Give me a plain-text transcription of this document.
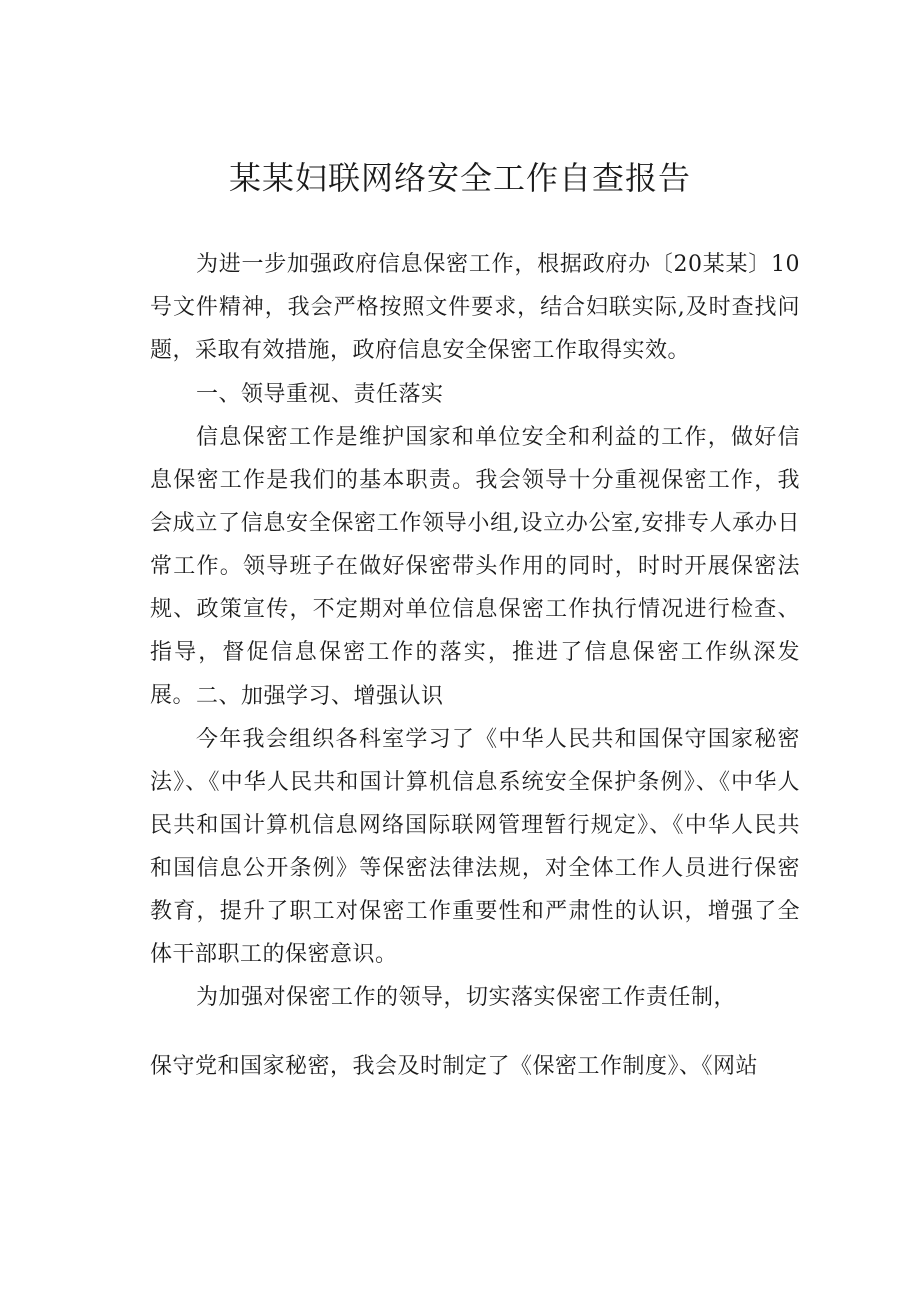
某某妇联网络安全工作自查报告

为进一步加强政府信息保密工作，根据政府办〔20某某〕10号文件精神，我会严格按照文件要求，结合妇联实际,及时查找问题，采取有效措施，政府信息安全保密工作取得实效。

一、领导重视、责任落实

信息保密工作是维护国家和单位安全和利益的工作，做好信息保密工作是我们的基本职责。我会领导十分重视保密工作，我会成立了信息安全保密工作领导小组,设立办公室,安排专人承办日常工作。领导班子在做好保密带头作用的同时，时时开展保密法规、政策宣传，不定期对单位信息保密工作执行情况进行检查、指导，督促信息保密工作的落实，推进了信息保密工作纵深发展。 二、加强学习、增强认识

今年我会组织各科室学习了《中华人民共和国保守国家秘密法》、《中华人民共和国计算机信息系统安全保护条例》、《中华人民共和国计算机信息网络国际联网管理暂行规定》、《中华人民共和国信息公开条例》等保密法律法规，对全体工作人员进行保密教育，提升了职工对保密工作重要性和严肃性的认识，增强了全体干部职工的保密意识。

为加强对保密工作的领导，切实落实保密工作责任制，

保守党和国家秘密，我会及时制定了《保密工作制度》、《网站
